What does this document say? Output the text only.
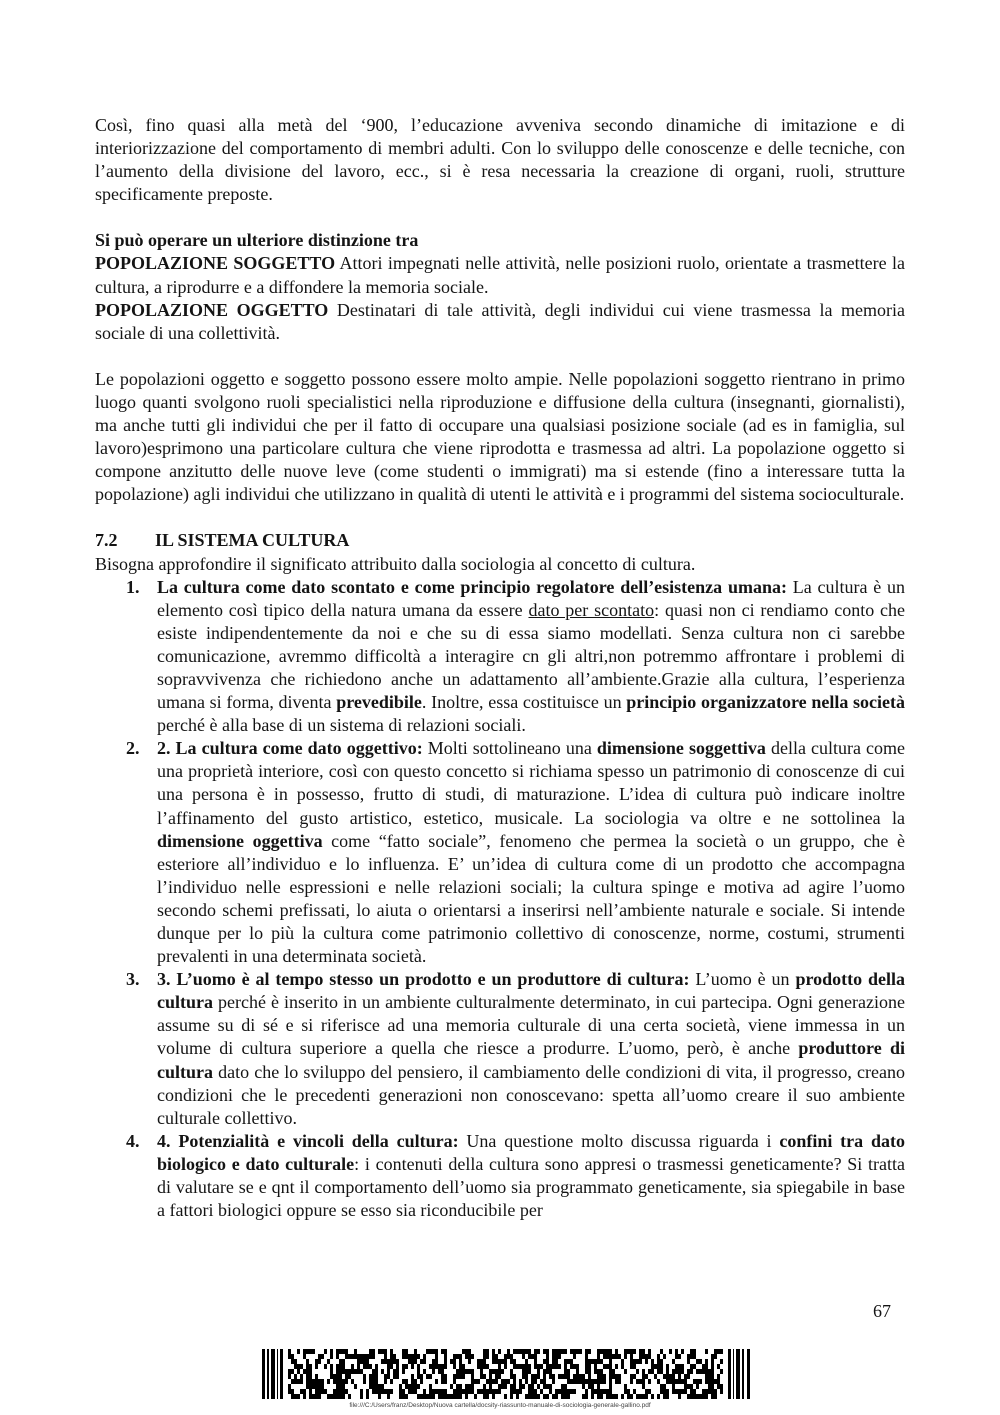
Così, fino quasi alla metà del ‘900, l’educazione avveniva secondo dinamiche di imitazione e di interiorizzazione del comportamento di membri adulti. Con lo sviluppo delle conoscenze e delle tecniche, con l’aumento della divisione del lavoro, ecc., si è resa necessaria la creazione di organi, ruoli, strutture specificamente preposte.

Si può operare un ulteriore distinzione tra

POPOLAZIONE SOGGETTO Attori impegnati nelle attività, nelle posizioni ruolo, orientate a trasmettere la cultura, a riprodurre e a diffondere la memoria sociale.

POPOLAZIONE OGGETTO Destinatari di tale attività, degli individui cui viene trasmessa la memoria sociale di una collettività.

Le popolazioni oggetto e soggetto possono essere molto ampie. Nelle popolazioni soggetto rientrano in primo luogo quanti svolgono ruoli specialistici nella riproduzione e diffusione della cultura (insegnanti, giornalisti), ma anche tutti gli individui che per il fatto di occupare una qualsiasi posizione sociale (ad es in famiglia, sul lavoro)esprimono una particolare cultura che viene riprodotta e trasmessa ad altri. La popolazione oggetto si compone anzitutto delle nuove leve (come studenti o immigrati) ma si estende (fino a interessare tutta la popolazione) agli individui che utilizzano in qualità di utenti le attività e i programmi del sistema socioculturale.

7.2	IL SISTEMA CULTURA

Bisogna approfondire il significato attribuito dalla sociologia al concetto di cultura.

1. La cultura come dato scontato e come principio regolatore dell’esistenza umana: La cultura è un elemento così tipico della natura umana da essere dato per scontato: quasi non ci rendiamo conto che esiste indipendentemente da noi e che su di essa siamo modellati. Senza cultura non ci sarebbe comunicazione, avremmo difficoltà a interagire cn gli altri,non potremmo affrontare i problemi di sopravvivenza che richiedono anche un adattamento all’ambiente.Grazie alla cultura, l’esperienza umana si forma, diventa prevedibile. Inoltre, essa costituisce un principio organizzatore nella società perché è alla base di un sistema di relazioni sociali.
2. 2. La cultura come dato oggettivo: Molti sottolineano una dimensione soggettiva della cultura come una proprietà interiore, così con questo concetto si richiama spesso un patrimonio di conoscenze di cui una persona è in possesso, frutto di studi, di maturazione. L’idea di cultura può indicare inoltre l’affinamento del gusto artistico, estetico, musicale. La sociologia va oltre e ne sottolinea la dimensione oggettiva come “fatto sociale”, fenomeno che permea la società o un gruppo, che è esteriore all’individuo e lo influenza. E’ un’idea di cultura come di un prodotto che accompagna l’individuo nelle espressioni e nelle relazioni sociali; la cultura spinge e motiva ad agire l’uomo secondo schemi prefissati, lo aiuta o orientarsi a inserirsi nell’ambiente naturale e sociale. Si intende dunque per lo più la cultura come patrimonio collettivo di conoscenze, norme, costumi, strumenti prevalenti in una determinata società.
3. 3. L’uomo è al tempo stesso un prodotto e un produttore di cultura: L’uomo è un prodotto della cultura perché è inserito in un ambiente culturalmente determinato, in cui partecipa. Ogni generazione assume su di sé e si riferisce ad una memoria culturale di una certa società, viene immessa in un volume di cultura superiore a quella che riesce a produrre. L’uomo, però, è anche produttore di cultura dato che lo sviluppo del pensiero, il cambiamento delle condizioni di vita, il progresso, creano condizioni che le precedenti generazioni non conoscevano: spetta all’uomo creare il suo ambiente culturale collettivo.
4. 4. Potenzialità e vincoli della cultura: Una questione molto discussa riguarda i confini tra dato biologico e dato culturale: i contenuti della cultura sono appresi o trasmessi geneticamente? Si tratta di valutare se e qnt il comportamento dell’uomo sia programmato geneticamente, sia spiegabile in base a fattori biologici oppure se esso sia riconducibile per
67
file:///C:/Users/franz/Desktop/Nuova cartella/docsity-riassunto-manuale-di-sociologia-generale-gallino.pdf
